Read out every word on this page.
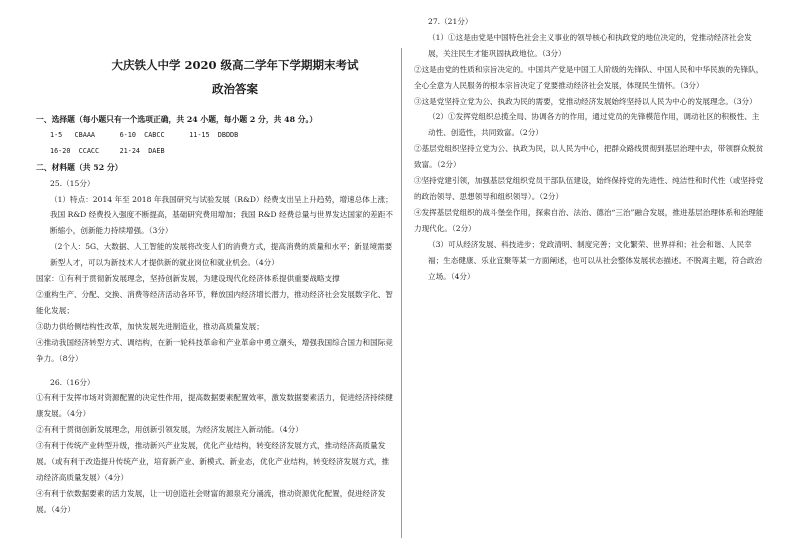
大庆铁人中学 2020 级高二学年下学期期末考试
政治答案
一、选择题（每小题只有一个选项正确，共 24 小题，每小题 2 分，共 48 分。）
1-5   CBAAA      6-10  CABCC      11-15  DBDDB
16-20  CCACC     21-24  DAEB
二、材料题（共 52 分）
25.（15分）
（1）特点：2014 年至 2018 年我国研究与试验发展（R&D）经费支出呈上升趋势，增速总体上涨；我国 R&D 经费投入强度不断提高，基础研究费用增加；我国 R&D 经费总量与世界发达国家的差距不断缩小，创新能力持续增强。（3分）
（2个人：5G、大数据、人工智能的发展将改变人们的消费方式，提高消费的质量和水平；新显境需要新型人才，可以为新技术人才提供新的就业岗位和就业机会。（4分）
国家：①有利于贯彻新发展理念，坚持创新发展，为建设现代化经济体系提供重要战略支撑
②重构生产、分配、交换、消费等经济活动各环节，释放国内经济增长潜力，推动经济社会发展数字化、智能化发展；
③助力供给侧结构性改革，加快发展先进制造业，推动高质量发展；
④推动我国经济转型方式、调结构，在新一轮科技革命和产业革命中勇立潮头，增强我国综合国力和国际竞争力。（8分）
26.（16分）
①有利于发挥市场对资源配置的决定性作用，提高数据要素配置效率，激发数据要素活力，促进经济持续健康发展。（4分）
②有利于贯彻创新发展理念，用创新引领发展，为经济发展注入新动能。（4分）
③有利于传统产业转型升级，推动新兴产业发展，优化产业结构，转变经济发展方式，推动经济高质量发展。（或有利于改造提升传统产业，培育新产业、新模式、新业态，优化产业结构，转变经济发展方式，推动经济高质量发展）（4分）
④有利于依数据要素的活力发展，让一切创造社会财富的源泉充分涌流，推动资源优化配置，促进经济发展。（4分）
27.（21分）
（1）①这是由党是中国特色社会主义事业的领导核心和执政党的地位决定的，党推动经济社会发展，关注民生才能巩固执政地位。（3分）
②这是由党的性质和宗旨决定的。中国共产党是中国工人阶级的先锋队、中国人民和中华民族的先锋队，全心全意为人民服务的根本宗旨决定了党要推动经济社会发展，体现民生情怀。（3分）
③这是党坚持立党为公、执政为民的需要，党推动经济发展始终坚持以人民为中心的发展理念。（3分）
（2）①发挥党组织总揽全局、协调各方的作用，通过党员的先锋模范作用，调动社区的积极性、主动性、创造性，共同致富。（2分）
②基层党组织坚持立党为公、执政为民，以人民为中心，把群众路线贯彻到基层治理中去，带领群众脱贫致富。（2分）
③坚持党建引领，加强基层党组织党员干部队伍建设，始终保持党的先进性、纯洁性和时代性（或坚持党的政治领导、思想领导和组织领导）。（2分）
④发挥基层党组织的战斗堡垒作用，探索自治、法治、德治“三治”融合发展，推进基层治理体系和治理能力现代化。（2分）
（3）可从经济发展、科技进步；党政清明、制度完善；文化繁荣、世界祥和；社会和谐、人民幸福；生态健康、乐业宜聚等某一方面阐述，也可以从社会整体发展状态描述。不脱离主题，符合政治立场。（4分）
